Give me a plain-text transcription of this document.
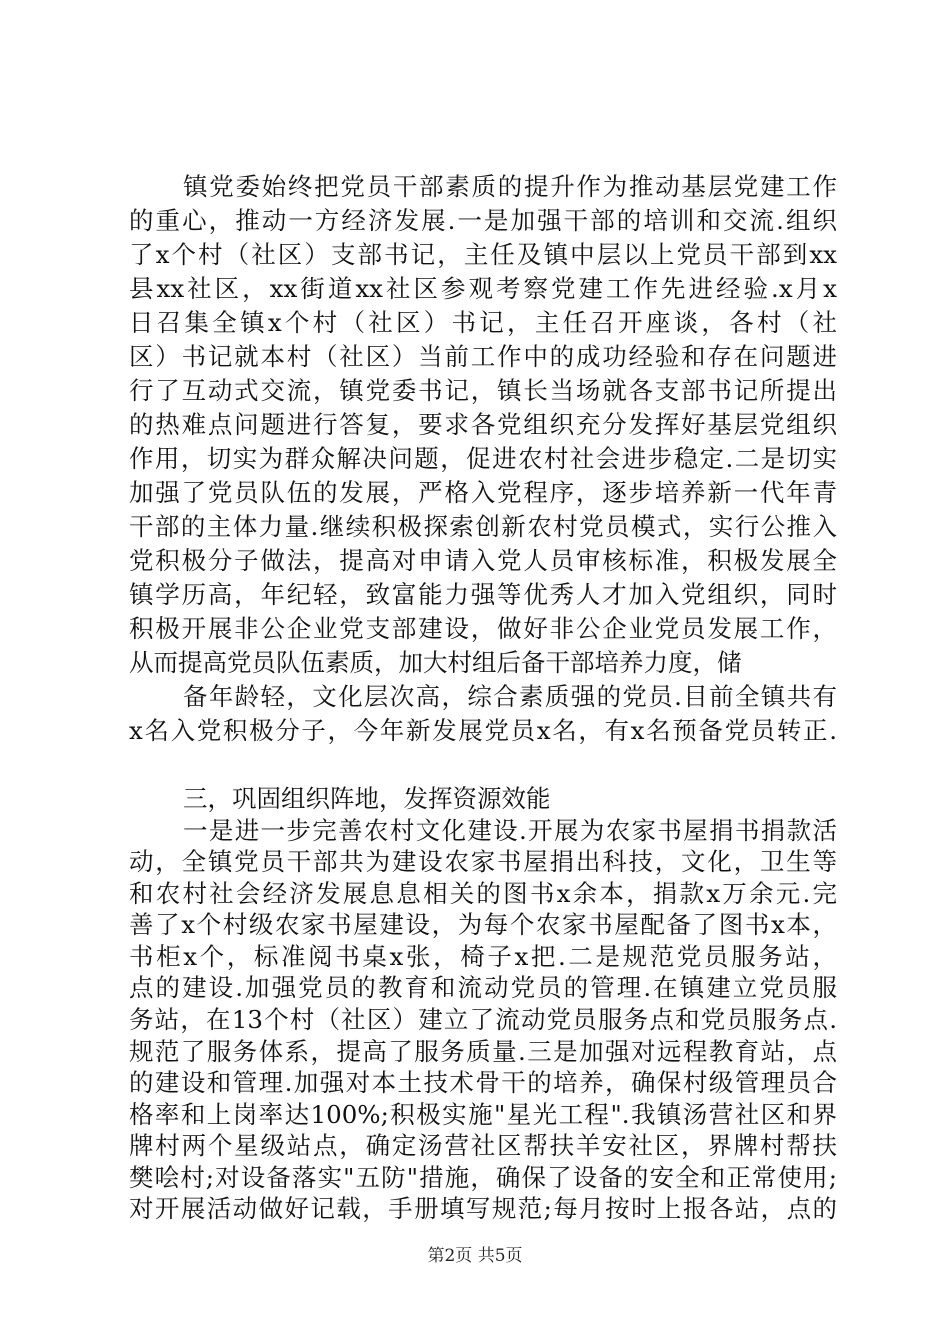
镇党委始终把党员干部素质的提升作为推动基层党建工作
的重心，推动一方经济发展.一是加强干部的培训和交流.组织
了x个村（社区）支部书记，主任及镇中层以上党员干部到xx
县xx社区，xx街道xx社区参观考察党建工作先进经验.x月x
日召集全镇x个村（社区）书记，主任召开座谈，各村（社
区）书记就本村（社区）当前工作中的成功经验和存在问题进
行了互动式交流，镇党委书记，镇长当场就各支部书记所提出
的热难点问题进行答复，要求各党组织充分发挥好基层党组织
作用，切实为群众解决问题，促进农村社会进步稳定.二是切实
加强了党员队伍的发展，严格入党程序，逐步培养新一代年青
干部的主体力量.继续积极探索创新农村党员模式，实行公推入
党积极分子做法，提高对申请入党人员审核标准，积极发展全
镇学历高，年纪轻，致富能力强等优秀人才加入党组织，同时
积极开展非公企业党支部建设，做好非公企业党员发展工作，
从而提高党员队伍素质，加大村组后备干部培养力度，储
备年龄轻，文化层次高，综合素质强的党员.目前全镇共有
x名入党积极分子，今年新发展党员x名，有x名预备党员转正.
三，巩固组织阵地，发挥资源效能
一是进一步完善农村文化建设.开展为农家书屋捐书捐款活
动，全镇党员干部共为建设农家书屋捐出科技，文化，卫生等
和农村社会经济发展息息相关的图书x余本，捐款x万余元.完
善了x个村级农家书屋建设，为每个农家书屋配备了图书x本，
书柜x个，标准阅书桌x张，椅子x把.二是规范党员服务站，
点的建设.加强党员的教育和流动党员的管理.在镇建立党员服
务站，在13个村（社区）建立了流动党员服务点和党员服务点.
规范了服务体系，提高了服务质量.三是加强对远程教育站，点
的建设和管理.加强对本土技术骨干的培养，确保村级管理员合
格率和上岗率达100%;积极实施"星光工程".我镇汤营社区和界
牌村两个星级站点，确定汤营社区帮扶羊安社区，界牌村帮扶
樊哙村;对设备落实"五防"措施，确保了设备的安全和正常使用;
对开展活动做好记载，手册填写规范;每月按时上报各站，点的
第2页 共5页
